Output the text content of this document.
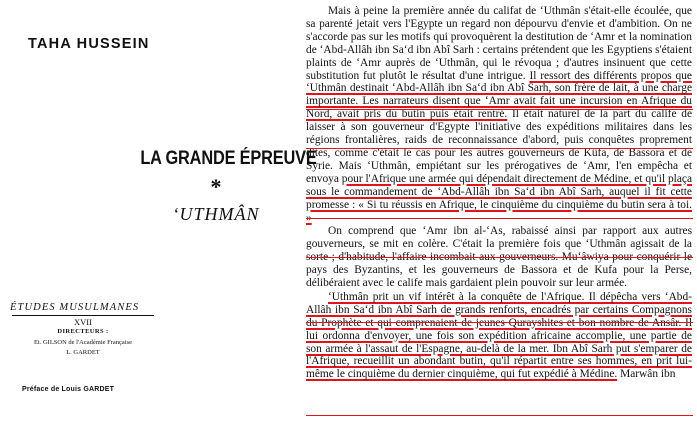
TAHA HUSSEIN
LA GRANDE ÉPREUVE
*
‘UTHMÂN
ÉTUDES MUSULMANES
XVII
DIRECTEURS :
Et. GILSON de l'Académie Française
L. GARDET
Préface de Louis GARDET

Mais à peine la première année du califat de ‘Uthmân s'était-elle écoulée, que sa parenté jetait vers l'Egypte un regard non dépourvu d'envie et d'ambition. On ne s'accorde pas sur les motifs qui provoquèrent la destitution de ‘Amr et la nomination de ‘Abd-Allâh ibn Sa‘d ibn Abî Sarh : certains prétendent que les Egyptiens s'étaient plaints de ‘Amr auprès de ‘Uthmân, qui le révoqua ; d'autres insinuent que cette substitution fut plutôt le résultat d'une intrigue. Il ressort des différents propos que ‘Uthmân destinait ‘Abd-Allâh ibn Sa‘d ibn Abî Sarh, son frère de lait, à une charge importante. Les narrateurs disent que ‘Amr avait fait une incursion en Afrique du Nord, avait pris du butin puis était rentré. Il était naturel de la part du calife de laisser à son gouverneur d'Egypte l'initiative des expéditions militaires dans les régions frontalières, raids de reconnaissance d'abord, puis conquêtes proprement dites, comme c'était le cas pour les autres gouverneurs de Kûfa, de Bassora et de Syrie. Mais ‘Uthmân, empiétant sur les prérogatives de ‘Amr, l'en empêcha et envoya pour l'Afrique une armée qui dépendait directement de Médine, et qu'il plaça sous le commandement de ‘Abd-Allâh ibn Sa‘d ibn Abî Sarh, auquel il fit cette promesse : « Si tu réussis en Afrique, le cinquième du cinquième du butin sera à toi. »

On comprend que ‘Amr ibn al-‘As, rabaissé ainsi par rapport aux autres gouverneurs, se mit en colère. C'était la première fois que ‘Uthmân agissait de la sorte ; d'habitude, l'affaire incombait aux gouverneurs. Mu‘âwiya pour conquérir le pays des Byzantins, et les gouverneurs de Bassora et de Kufa pour la Perse, délibéraient avec le calife mais gardaient plein pouvoir sur leur armée.

‘Uthmân prit un vif intérêt à la conquête de l'Afrique. Il dépêcha vers ‘Abd-Allâh ibn Sa‘d ibn Abî Sarh de grands renforts, encadrés par certains Compagnons du Prophète et qui comprenaient de jeunes Qurayshites et bon nombre de Ansâr. Il lui ordonna d'envoyer, une fois son expédition africaine accomplie, une partie de son armée à l'assaut de l'Espagne, au-delà de la mer. Ibn Abî Sarh put s'emparer de l'Afrique, recueillit un abondant butin, qu'il répartit entre ses hommes, en prit lui-même le cinquième du dernier cinquième, qui fut expédié à Médine. Marwân ibn
